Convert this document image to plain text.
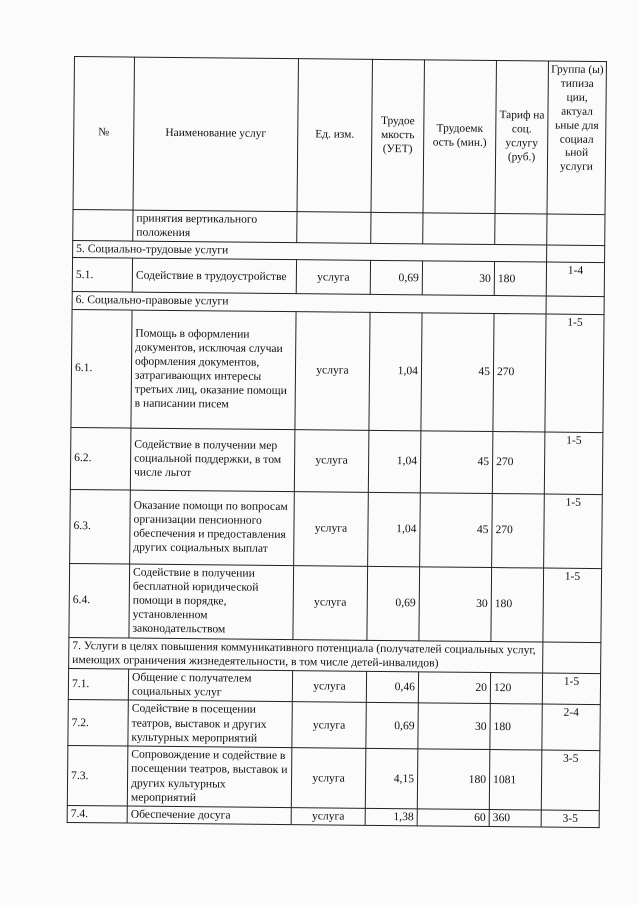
№	Наименование услуг	Ед. изм.	Трудое мкость (УЕТ)	Трудоемк ость (мин.)	Тариф на соц. услугу (руб.)	Группа (ы) типиза ции, актуал ьные для социал ьной услуги
	принятия вертикального положения					
5. Социально-трудовые услуги						
5.1.	Содействие в трудоустройстве	услуга	0,69	30	180	1-4
6. Социально-правовые услуги						
6.1.	Помощь в оформлении документов, исключая случаи оформления документов, затрагивающих интересы третьих лиц, оказание помощи в написании писем	услуга	1,04	45	270	1-5
6.2.	Содействие в получении мер социальной поддержки, в том числе льгот	услуга	1,04	45	270	1-5
6.3.	Оказание помощи по вопросам организации пенсионного обеспечения и предоставления других социальных выплат	услуга	1,04	45	270	1-5
6.4.	Содействие в получении бесплатной юридической помощи в порядке, установленном законодательством	услуга	0,69	30	180	1-5
7. Услуги в целях повышения коммуникативного потенциала (получателей социальных услуг, имеющих ограничения жизнедеятельности, в том числе детей-инвалидов)						
7.1.	Общение с получателем социальных услуг	услуга	0,46	20	120	1-5
7.2.	Содействие в посещении театров, выставок и других культурных мероприятий	услуга	0,69	30	180	2-4
7.3.	Сопровождение и содействие в посещении театров, выставок и других культурных мероприятий	услуга	4,15	180	1081	3-5
7.4.	Обеспечение досуга	услуга	1,38	60	360	3-5
